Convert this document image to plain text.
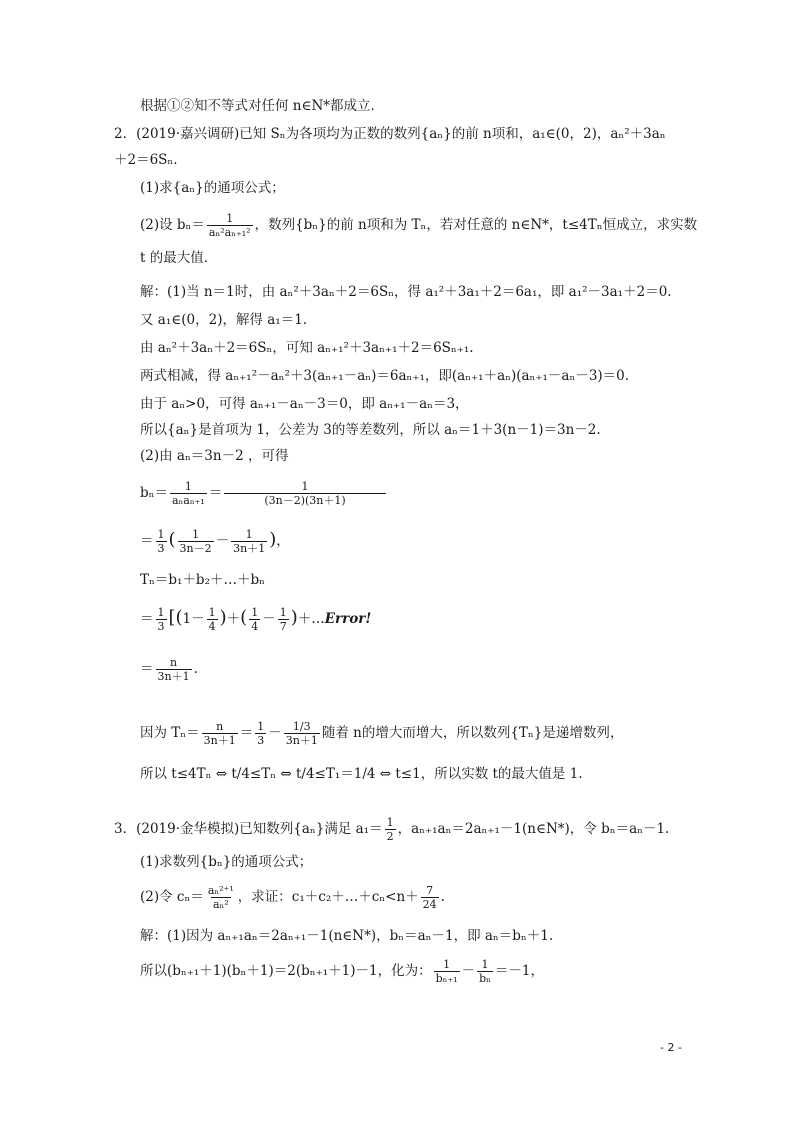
根据①②知不等式对任何 n∈N*都成立．
2．(2019·嘉兴调研)已知 Sₙ为各项均为正数的数列{aₙ}的前 n项和，a₁∈(0，2)，aₙ²＋3aₙ
＋2＝6Sₙ.
(1)求{aₙ}的通项公式；
(2)设 $b_n= \frac{1}{\text{aₙ²aₙ₊₁²}}$ ，数列{bₙ}的前 n项和为 Tₙ，若对任意的 n∈N*，t≤4Tₙ恒成立，求实数
t 的最大值．
解：(1)当 n＝1时，由 aₙ²＋3aₙ＋2＝6Sₙ，得 a₁²＋3a₁＋2＝6a₁，即 a₁²－3a₁＋2＝0.
又 a₁∈(0，2)，解得 a₁＝1.
由 aₙ²＋3aₙ＋2＝6Sₙ，可知 aₙ₊₁²＋3aₙ₊₁＋2＝6Sₙ₊₁.
两式相减，得 aₙ₊₁²－aₙ²＋3(aₙ₊₁－aₙ)＝6aₙ₊₁，即(aₙ₊₁＋aₙ)(aₙ₊₁－aₙ－3)＝0.
由于 aₙ>0，可得 aₙ₊₁－aₙ－3＝0，即 aₙ₊₁－aₙ＝3，
所以{aₙ}是首项为 1，公差为 3的等差数列，所以 aₙ＝1＋3(n－1)＝3n－2.
(2)由 aₙ＝3n－2 ，可得
$b_n= \frac{1}{\text{aₙaₙ₊₁}} = \frac{1}{(3n-2)(3n+1)}$
＝ $\frac{1}{3}$ ( $\frac{1}{3n-2} - \frac{1}{3n+1}$ )，
Tₙ＝b₁＋b₂＋…＋bₙ
＝ $\frac{1}{3} [(1- \frac{1}{4}$ )＋( $\frac{1}{4} - \frac{1}{7}$ )＋…Error!
＝ $\frac{n}{3n+1}$ .
因为 $T_n= \frac{n}{3n+1} = \frac{1}{3} - \frac{1/3}{3n+1}$ 随着 n的增大而增大，所以数列{Tₙ}是递增数列，
所以 t≤4Tₙ ⇔ t/4≤Tₙ ⇔ t/4≤T₁＝1/4 ⇔ t≤1，所以实数 t的最大值是 1.
3．(2019·金华模拟)已知数列{aₙ}满足 $a_1= \frac{1}{2}$ ，aₙ₊₁aₙ＝2aₙ₊₁－1(n∈N*)，令 bₙ＝aₙ－1.
(1)求数列{bₙ}的通项公式；
(2)令 $c_n= \frac{\text{aₙ²⁺¹}}{\text{aₙ²}}$ ，求证：c₁＋c₂＋…＋cₙ<n＋ $\frac{7}{24}$ .
解：(1)因为 aₙ₊₁aₙ＝2aₙ₊₁－1(n∈N*)，bₙ＝aₙ－1，即 aₙ＝bₙ＋1.
所以(bₙ₊₁＋1)(bₙ＋1)＝2(bₙ₊₁＋1)－1，化为： $\frac{1}{\text{bₙ₊₁}} - \frac{1}{\text{bₙ}} =-1$，
- 2 -
